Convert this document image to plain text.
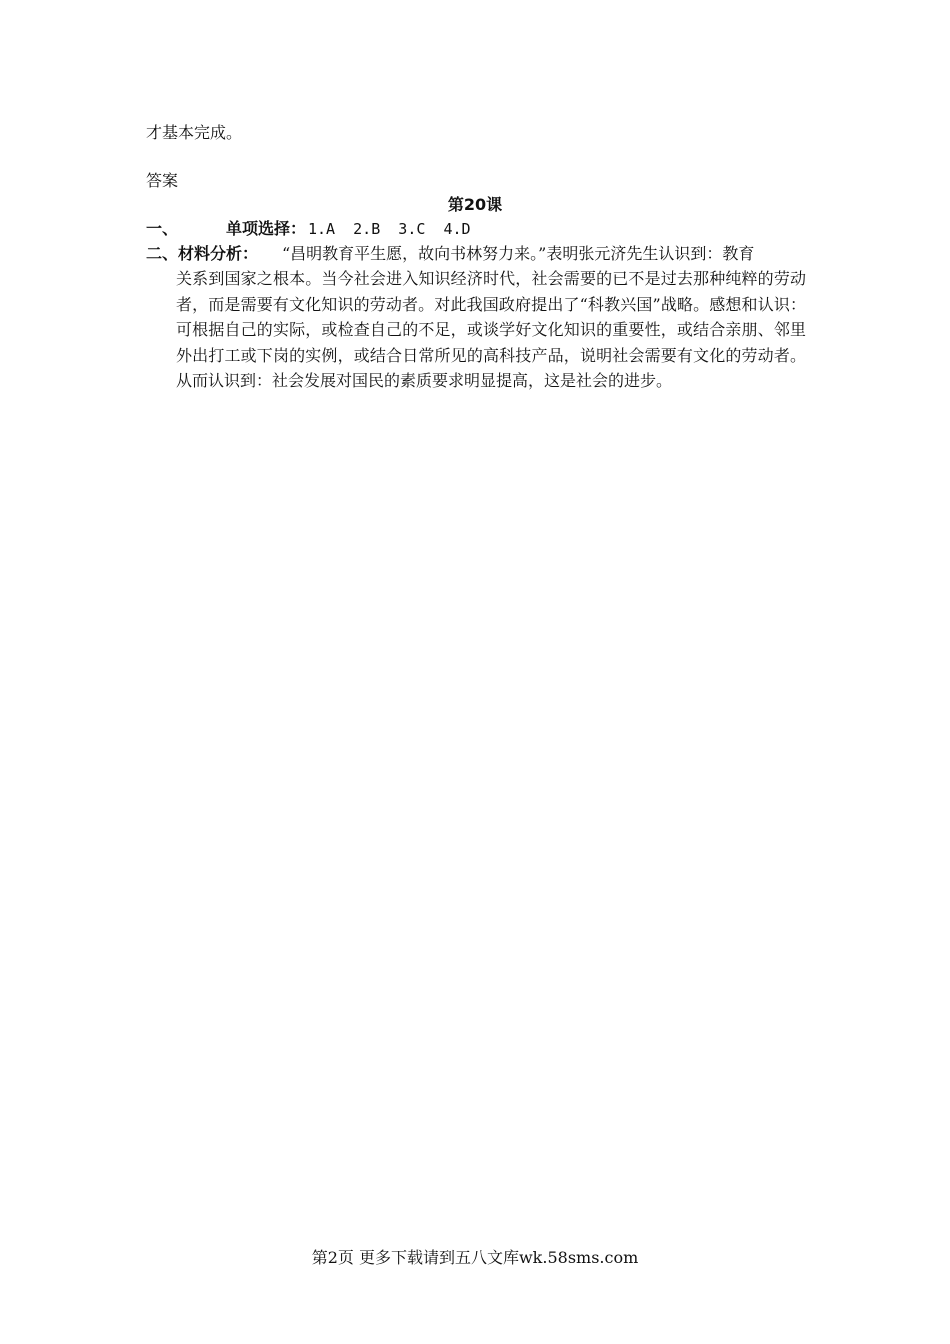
才基本完成。
答案
第20课
一、	单项选择： 1.A  2.B  3.C  4.D
二、材料分析： “昌明教育平生愿，故向书林努力来。”表明张元济先生认识到：教育
关系到国家之根本。当今社会进入知识经济时代，社会需要的已不是过去那种纯粹的劳动者，而是需要有文化知识的劳动者。对此我国政府提出了“科教兴国”战略。感想和认识：可根据自己的实际，或检查自己的不足，或谈学好文化知识的重要性，或结合亲朋、邻里外出打工或下岗的实例，或结合日常所见的高科技产品，说明社会需要有文化的劳动者。从而认识到：社会发展对国民的素质要求明显提高，这是社会的进步。
第2页 更多下载请到五八文库wk.58sms.com
